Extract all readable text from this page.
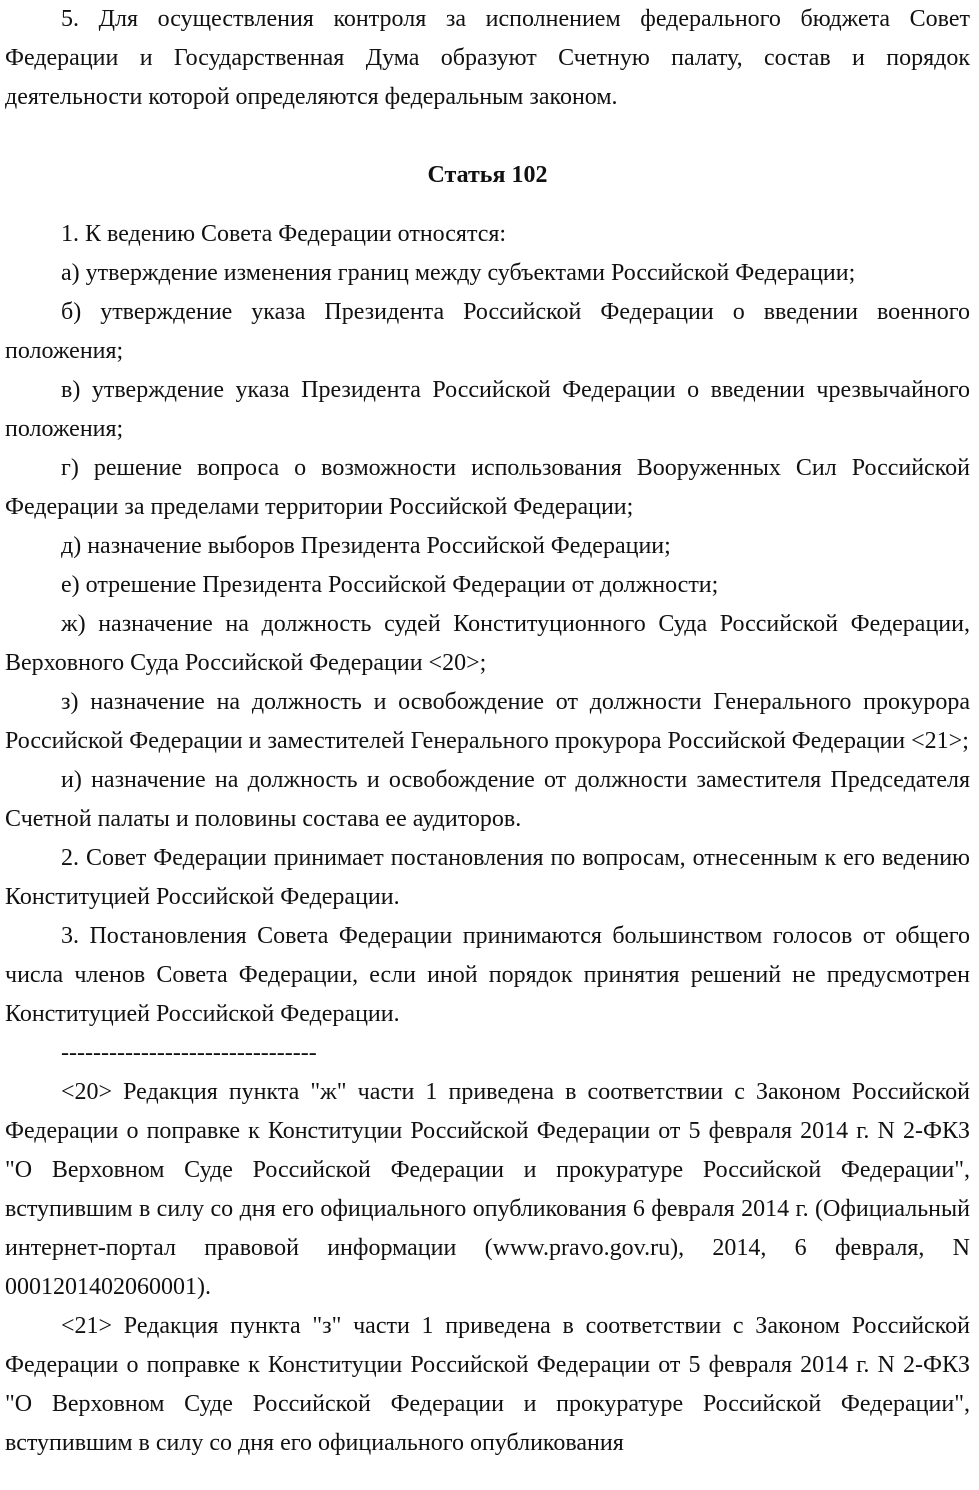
5. Для осуществления контроля за исполнением федерального бюджета Совет Федерации и Государственная Дума образуют Счетную палату, состав и порядок деятельности которой определяются федеральным законом.

Статья 102

1. К ведению Совета Федерации относятся:

а) утверждение изменения границ между субъектами Российской Федерации;

б) утверждение указа Президента Российской Федерации о введении военного положения;

в) утверждение указа Президента Российской Федерации о введении чрезвычайного положения;

г) решение вопроса о возможности использования Вооруженных Сил Российской Федерации за пределами территории Российской Федерации;

д) назначение выборов Президента Российской Федерации;

е) отрешение Президента Российской Федерации от должности;

ж) назначение на должность судей Конституционного Суда Российской Федерации, Верховного Суда Российской Федерации <20>;

з) назначение на должность и освобождение от должности Генерального прокурора Российской Федерации и заместителей Генерального прокурора Российской Федерации <21>;

и) назначение на должность и освобождение от должности заместителя Председателя Счетной палаты и половины состава ее аудиторов.

2. Совет Федерации принимает постановления по вопросам, отнесенным к его ведению Конституцией Российской Федерации.

3. Постановления Совета Федерации принимаются большинством голосов от общего числа членов Совета Федерации, если иной порядок принятия решений не предусмотрен Конституцией Российской Федерации.

--------------------------------

<20> Редакция пункта "ж" части 1 приведена в соответствии с Законом Российской Федерации о поправке к Конституции Российской Федерации от 5 февраля 2014 г. N 2-ФКЗ "О Верховном Суде Российской Федерации и прокуратуре Российской Федерации", вступившим в силу со дня его официального опубликования 6 февраля 2014 г. (Официальный интернет-портал правовой информации (www.pravo.gov.ru), 2014, 6 февраля, N 0001201402060001).

<21> Редакция пункта "з" части 1 приведена в соответствии с Законом Российской Федерации о поправке к Конституции Российской Федерации от 5 февраля 2014 г. N 2-ФКЗ "О Верховном Суде Российской Федерации и прокуратуре Российской Федерации", вступившим в силу со дня его официального опубликования
